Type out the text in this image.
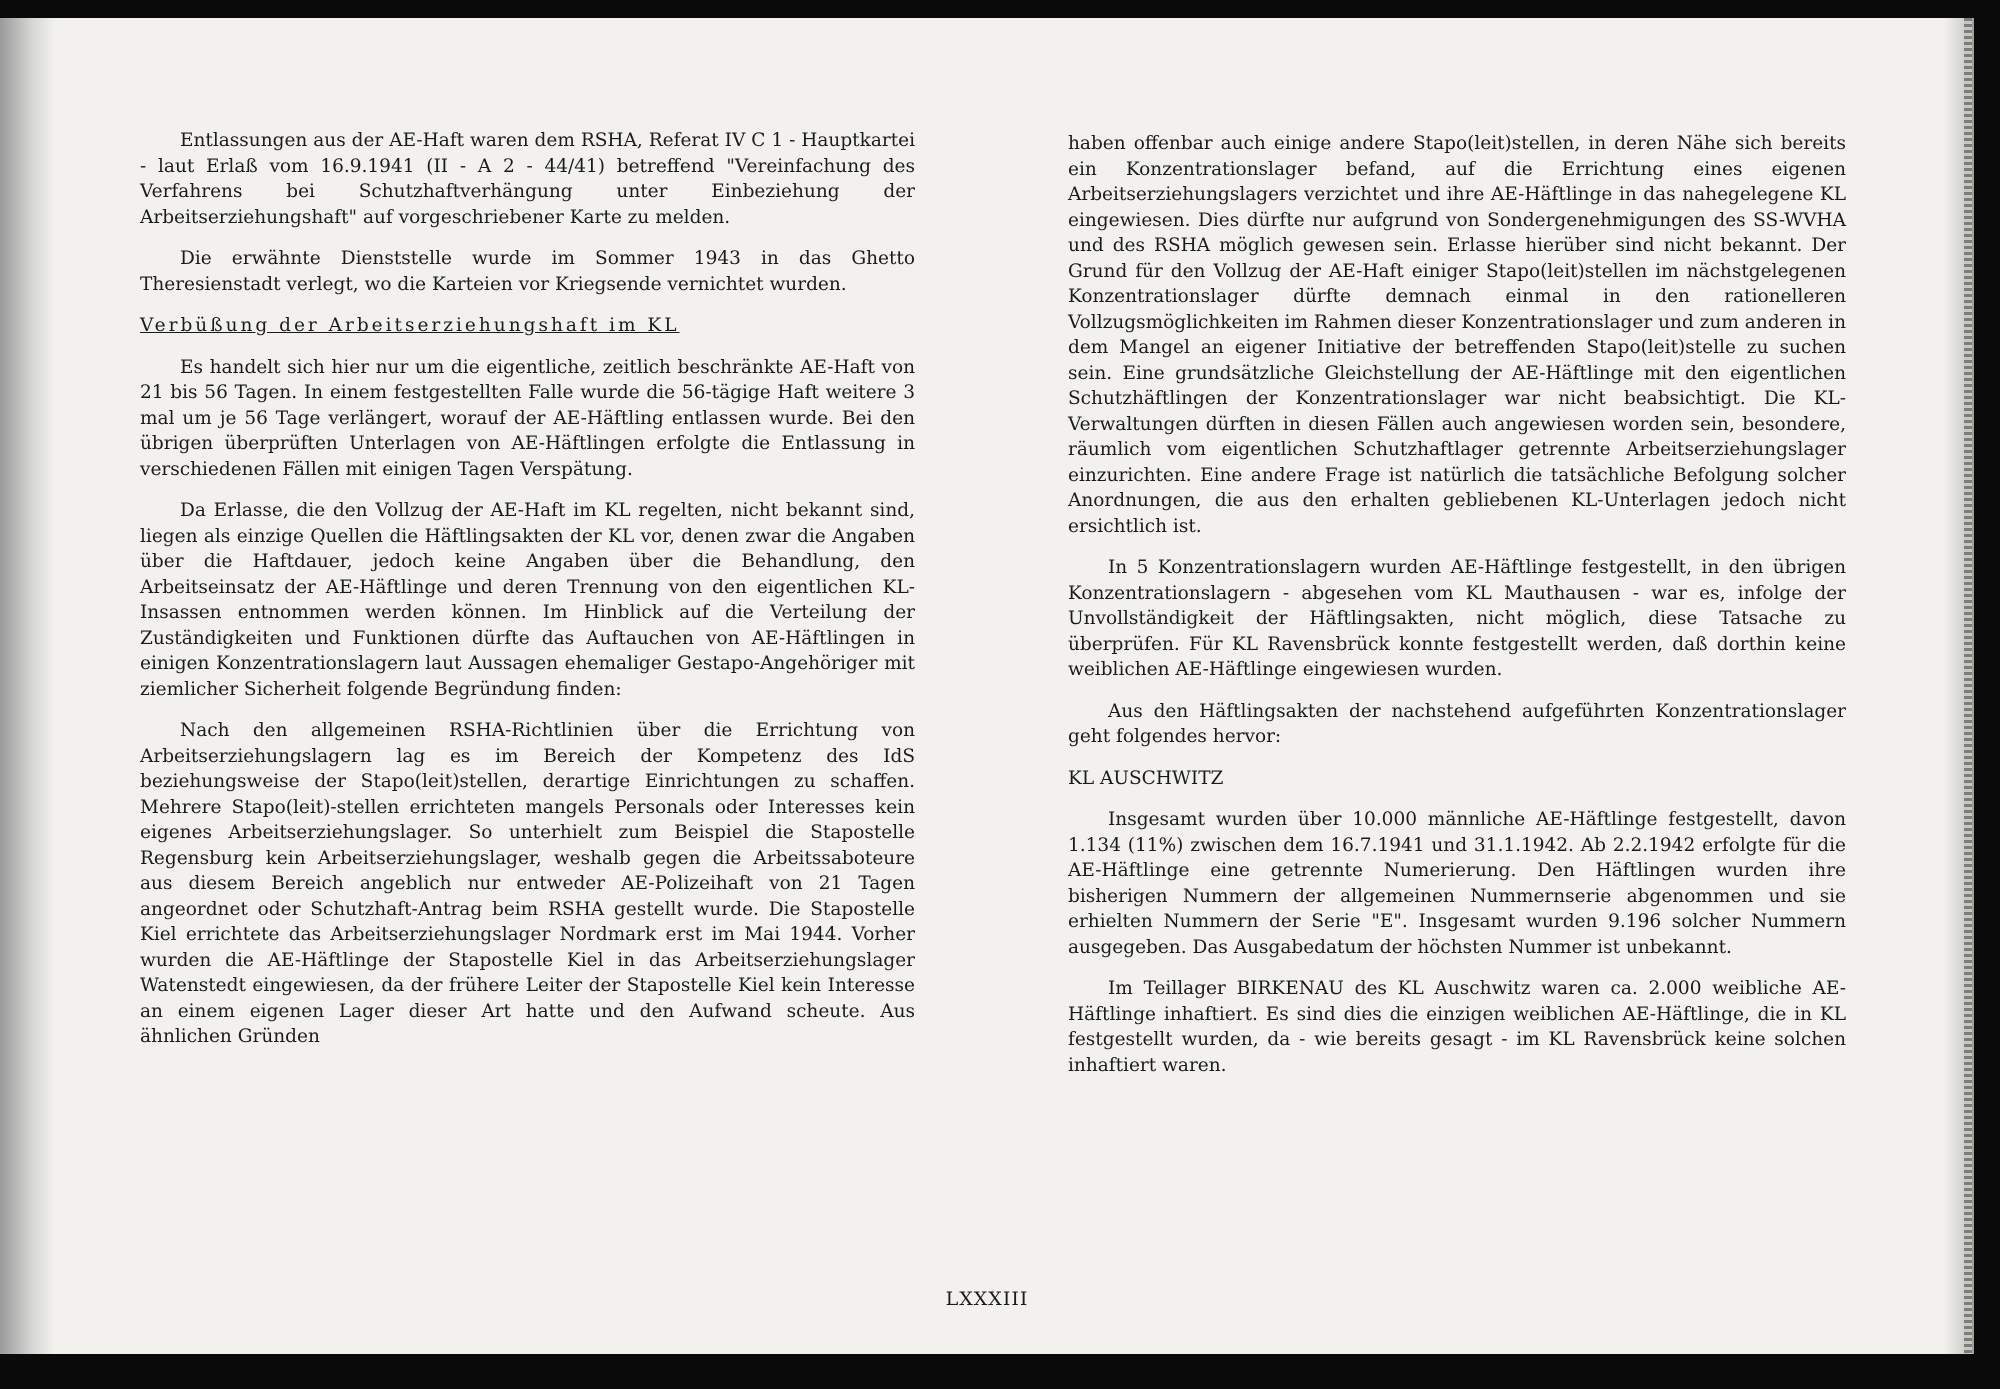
Entlassungen aus der AE-Haft waren dem RSHA, Referat IV C 1 - Hauptkartei - laut Erlaß vom 16.9.1941 (II - A 2 - 44/41) betreffend "Vereinfachung des Verfahrens bei Schutzhaftverhängung unter Einbeziehung der Arbeitserziehungshaft" auf vorgeschriebener Karte zu melden.

Die erwähnte Dienststelle wurde im Sommer 1943 in das Ghetto Theresienstadt verlegt, wo die Karteien vor Kriegsende vernichtet wurden.

Verbüßung der Arbeitserziehungshaft im KL

Es handelt sich hier nur um die eigentliche, zeitlich beschränkte AE-Haft von 21 bis 56 Tagen. In einem festgestellten Falle wurde die 56-tägige Haft weitere 3 mal um je 56 Tage verlängert, worauf der AE-Häftling entlassen wurde. Bei den übrigen überprüften Unterlagen von AE-Häftlingen erfolgte die Entlassung in verschiedenen Fällen mit einigen Tagen Verspätung.

Da Erlasse, die den Vollzug der AE-Haft im KL regelten, nicht bekannt sind, liegen als einzige Quellen die Häftlingsakten der KL vor, denen zwar die Angaben über die Haftdauer, jedoch keine Angaben über die Behandlung, den Arbeitseinsatz der AE-Häftlinge und deren Trennung von den eigentlichen KL-Insassen entnommen werden können. Im Hinblick auf die Verteilung der Zuständigkeiten und Funktionen dürfte das Auftauchen von AE-Häftlingen in einigen Konzentrationslagern laut Aussagen ehemaliger Gestapo-Angehöriger mit ziemlicher Sicherheit folgende Begründung finden:

Nach den allgemeinen RSHA-Richtlinien über die Errichtung von Arbeitserziehungslagern lag es im Bereich der Kompetenz des IdS beziehungsweise der Stapo(leit)stellen, derartige Einrichtungen zu schaffen. Mehrere Stapo(leit)-stellen errichteten mangels Personals oder Interesses kein eigenes Arbeitserziehungslager. So unterhielt zum Beispiel die Stapostelle Regensburg kein Arbeitserziehungslager, weshalb gegen die Arbeitssaboteure aus diesem Bereich angeblich nur entweder AE-Polizeihaft von 21 Tagen angeordnet oder Schutzhaft-Antrag beim RSHA gestellt wurde. Die Stapostelle Kiel errichtete das Arbeitserziehungslager Nordmark erst im Mai 1944. Vorher wurden die AE-Häftlinge der Stapostelle Kiel in das Arbeitserziehungslager Watenstedt eingewiesen, da der frühere Leiter der Stapostelle Kiel kein Interesse an einem eigenen Lager dieser Art hatte und den Aufwand scheute. Aus ähnlichen Gründen

haben offenbar auch einige andere Stapo(leit)stellen, in deren Nähe sich bereits ein Konzentrationslager befand, auf die Errichtung eines eigenen Arbeitserziehungslagers verzichtet und ihre AE-Häftlinge in das nahegelegene KL eingewiesen. Dies dürfte nur aufgrund von Sondergenehmigungen des SS-WVHA und des RSHA möglich gewesen sein. Erlasse hierüber sind nicht bekannt. Der Grund für den Vollzug der AE-Haft einiger Stapo(leit)stellen im nächstgelegenen Konzentrationslager dürfte demnach einmal in den rationelleren Vollzugsmöglichkeiten im Rahmen dieser Konzentrationslager und zum anderen in dem Mangel an eigener Initiative der betreffenden Stapo(leit)stelle zu suchen sein. Eine grundsätzliche Gleichstellung der AE-Häftlinge mit den eigentlichen Schutzhäftlingen der Konzentrationslager war nicht beabsichtigt. Die KL-Verwaltungen dürften in diesen Fällen auch angewiesen worden sein, besondere, räumlich vom eigentlichen Schutzhaftlager getrennte Arbeitserziehungslager einzurichten. Eine andere Frage ist natürlich die tatsächliche Befolgung solcher Anordnungen, die aus den erhalten gebliebenen KL-Unterlagen jedoch nicht ersichtlich ist.

In 5 Konzentrationslagern wurden AE-Häftlinge festgestellt, in den übrigen Konzentrationslagern - abgesehen vom KL Mauthausen - war es, infolge der Unvollständigkeit der Häftlingsakten, nicht möglich, diese Tatsache zu überprüfen. Für KL Ravensbrück konnte festgestellt werden, daß dorthin keine weiblichen AE-Häftlinge eingewiesen wurden.

Aus den Häftlingsakten der nachstehend aufgeführten Konzentrationslager geht folgendes hervor:

KL AUSCHWITZ

Insgesamt wurden über 10.000 männliche AE-Häftlinge festgestellt, davon 1.134 (11%) zwischen dem 16.7.1941 und 31.1.1942. Ab 2.2.1942 erfolgte für die AE-Häftlinge eine getrennte Numerierung. Den Häftlingen wurden ihre bisherigen Nummern der allgemeinen Nummernserie abgenommen und sie erhielten Nummern der Serie "E". Insgesamt wurden 9.196 solcher Nummern ausgegeben. Das Ausgabedatum der höchsten Nummer ist unbekannt.

Im Teillager BIRKENAU des KL Auschwitz waren ca. 2.000 weibliche AE-Häftlinge inhaftiert. Es sind dies die einzigen weiblichen AE-Häftlinge, die in KL festgestellt wurden, da - wie bereits gesagt - im KL Ravensbrück keine solchen inhaftiert waren.

LXXXIII
